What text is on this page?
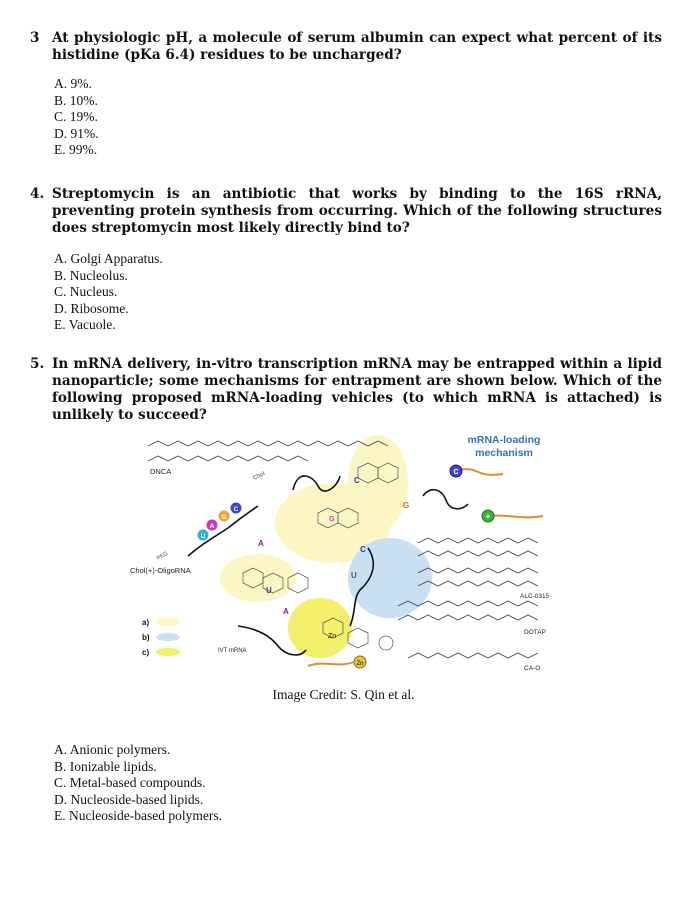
3 At physiologic pH, a molecule of serum albumin can expect what percent of its histidine (pKa 6.4) residues to be uncharged?
A. 9%.
B. 10%.
C. 19%.
D. 91%.
E. 99%.
4. Streptomycin is an antibiotic that works by binding to the 16S rRNA, preventing protein synthesis from occurring. Which of the following structures does streptomycin most likely directly bind to?
A. Golgi Apparatus.
B. Nucleolus.
C. Nucleus.
D. Ribosome.
E. Vacuole.
5. In mRNA delivery, in-vitro transcription mRNA may be entrapped within a lipid nanoparticle; some mechanisms for entrapment are shown below. Which of the following proposed mRNA-loading vehicles (to which mRNA is attached) is unlikely to succeed?
mRNA-loading
mechanism
DNCA	C
+
U
A
G
C
Chol
PEG
Chol(+)-OligoRNA
IVT mRNA
G
C
G
A
U
A
U
C
Zn
Zn
ALC-0315
DOTAP
CA-O
a)
b)
c)
Image Credit: S. Qin et al.
A. Anionic polymers.
B. Ionizable lipids.
C. Metal-based compounds.
D. Nucleoside-based lipids.
E. Nucleoside-based polymers.
